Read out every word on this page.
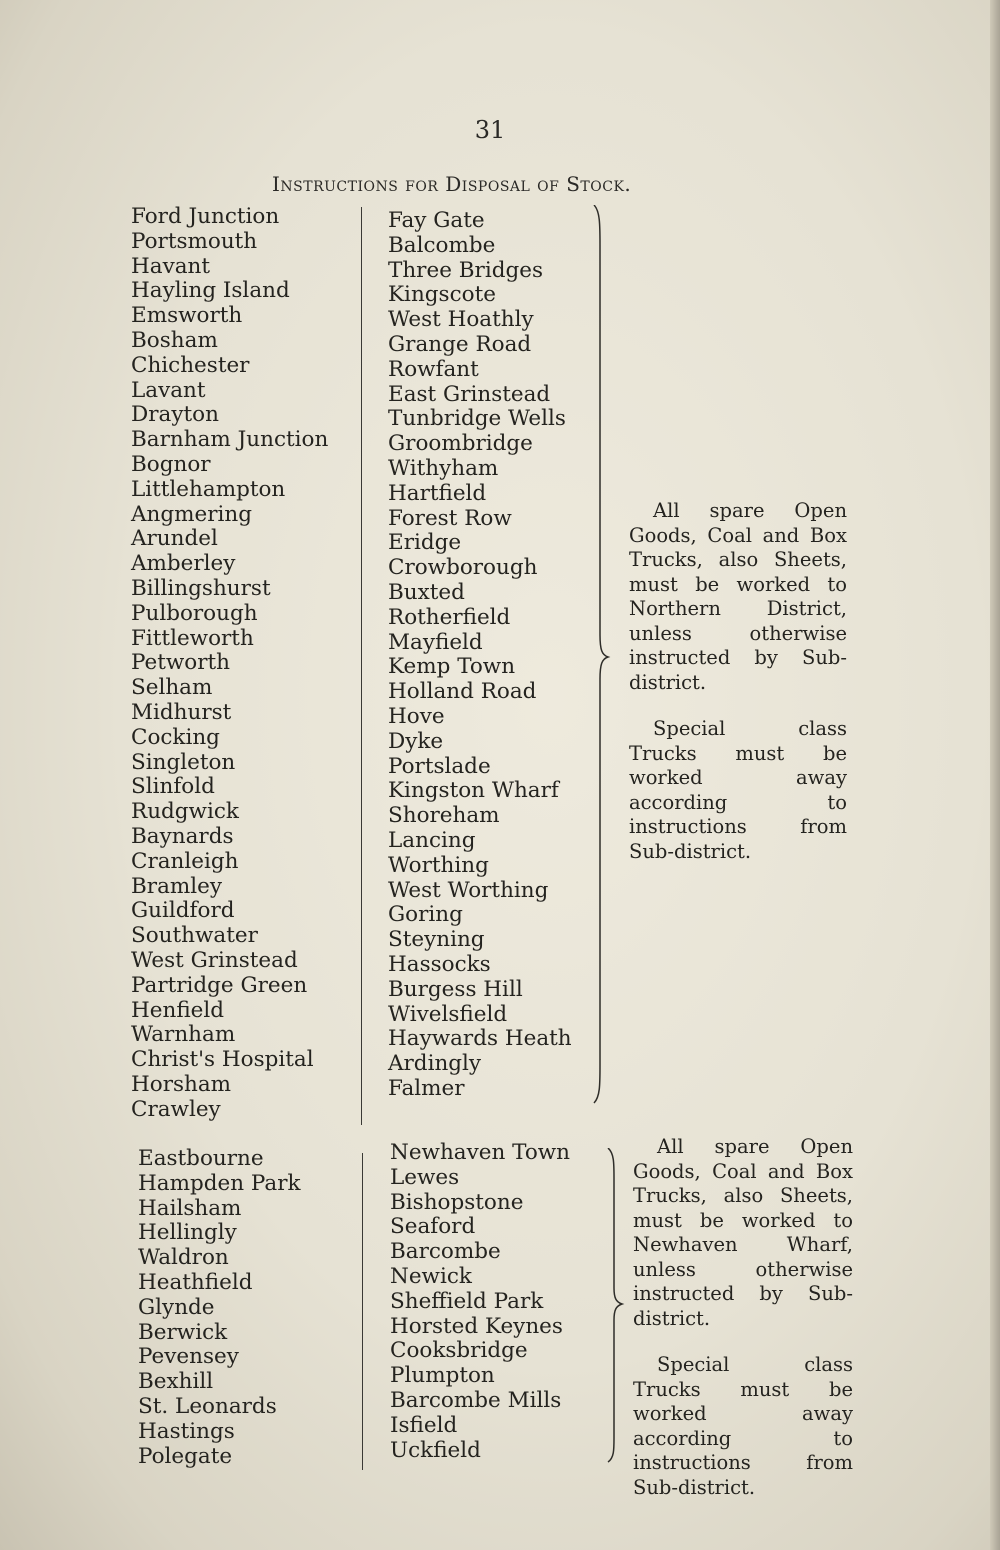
31
Instructions for Disposal of Stock.
Ford Junction
Portsmouth
Havant
Hayling Island
Emsworth
Bosham
Chichester
Lavant
Drayton
Barnham Junction
Bognor
Littlehampton
Angmering
Arundel
Amberley
Billingshurst
Pulborough
Fittleworth
Petworth
Selham
Midhurst
Cocking
Singleton
Slinfold
Rudgwick
Baynards
Cranleigh
Bramley
Guildford
Southwater
West Grinstead
Partridge Green
Henfield
Warnham
Christ's Hospital
Horsham
Crawley
Fay Gate
Balcombe
Three Bridges
Kingscote
West Hoathly
Grange Road
Rowfant
East Grinstead
Tunbridge Wells
Groombridge
Withyham
Hartfield
Forest Row
Eridge
Crowborough
Buxted
Rotherfield
Mayfield
Kemp Town
Holland Road
Hove
Dyke
Portslade
Kingston Wharf
Shoreham
Lancing
Worthing
West Worthing
Goring
Steyning
Hassocks
Burgess Hill
Wivelsfield
Haywards Heath
Ardingly
Falmer

All spare Open Goods, Coal and Box Trucks, also Sheets, must be worked to Northern District, unless otherwise instructed by Sub-district.

Special class Trucks must be worked away according to instructions from Sub-district.

Eastbourne
Hampden Park
Hailsham
Hellingly
Waldron
Heathfield
Glynde
Berwick
Pevensey
Bexhill
St. Leonards
Hastings
Polegate
Newhaven Town
Lewes
Bishopstone
Seaford
Barcombe
Newick
Sheffield Park
Horsted Keynes
Cooksbridge
Plumpton
Barcombe Mills
Isfield
Uckfield

All spare Open Goods, Coal and Box Trucks, also Sheets, must be worked to Newhaven Wharf, unless otherwise instructed by Sub-district.

Special class Trucks must be worked away according to instructions from Sub-district.
